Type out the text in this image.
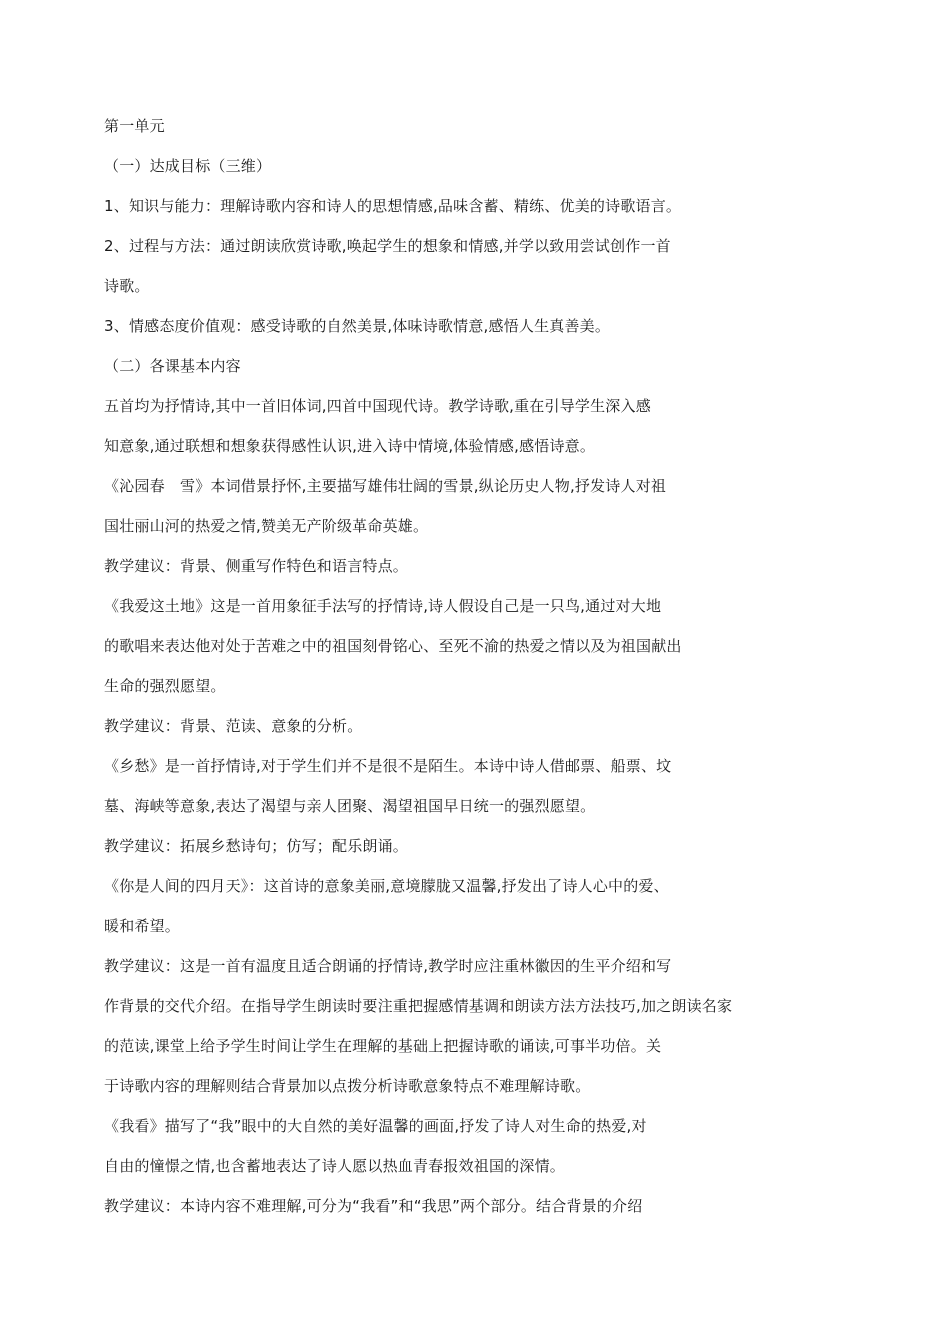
第一单元
（一）达成目标（三维）
1、知识与能力：理解诗歌内容和诗人的思想情感,品味含蓄、精练、优美的诗歌语言。
2、过程与方法：通过朗读欣赏诗歌,唤起学生的想象和情感,并学以致用尝试创作一首
诗歌。
3、情感态度价值观：感受诗歌的自然美景,体味诗歌情意,感悟人生真善美。
（二）各课基本内容
五首均为抒情诗,其中一首旧体词,四首中国现代诗。教学诗歌,重在引导学生深入感
知意象,通过联想和想象获得感性认识,进入诗中情境,体验情感,感悟诗意。
《沁园春　雪》本词借景抒怀,主要描写雄伟壮阔的雪景,纵论历史人物,抒发诗人对祖
国壮丽山河的热爱之情,赞美无产阶级革命英雄。
教学建议：背景、侧重写作特色和语言特点。
《我爱这土地》这是一首用象征手法写的抒情诗,诗人假设自己是一只鸟,通过对大地
的歌唱来表达他对处于苦难之中的祖国刻骨铭心、至死不渝的热爱之情以及为祖国献出
生命的强烈愿望。
教学建议：背景、范读、意象的分析。
《乡愁》是一首抒情诗,对于学生们并不是很不是陌生。本诗中诗人借邮票、船票、坟
墓、海峡等意象,表达了渴望与亲人团聚、渴望祖国早日统一的强烈愿望。
教学建议：拓展乡愁诗句；仿写；配乐朗诵。
《你是人间的四月天》：这首诗的意象美丽,意境朦胧又温馨,抒发出了诗人心中的爱、
暖和希望。
教学建议：这是一首有温度且适合朗诵的抒情诗,教学时应注重林徽因的生平介绍和写
作背景的交代介绍。在指导学生朗读时要注重把握感情基调和朗读方法方法技巧,加之朗读名家
的范读,课堂上给予学生时间让学生在理解的基础上把握诗歌的诵读,可事半功倍。关
于诗歌内容的理解则结合背景加以点拨分析诗歌意象特点不难理解诗歌。
《我看》描写了“我”眼中的大自然的美好温馨的画面,抒发了诗人对生命的热爱,对
自由的憧憬之情,也含蓄地表达了诗人愿以热血青春报效祖国的深情。
教学建议：本诗内容不难理解,可分为“我看”和“我思”两个部分。结合背景的介绍
